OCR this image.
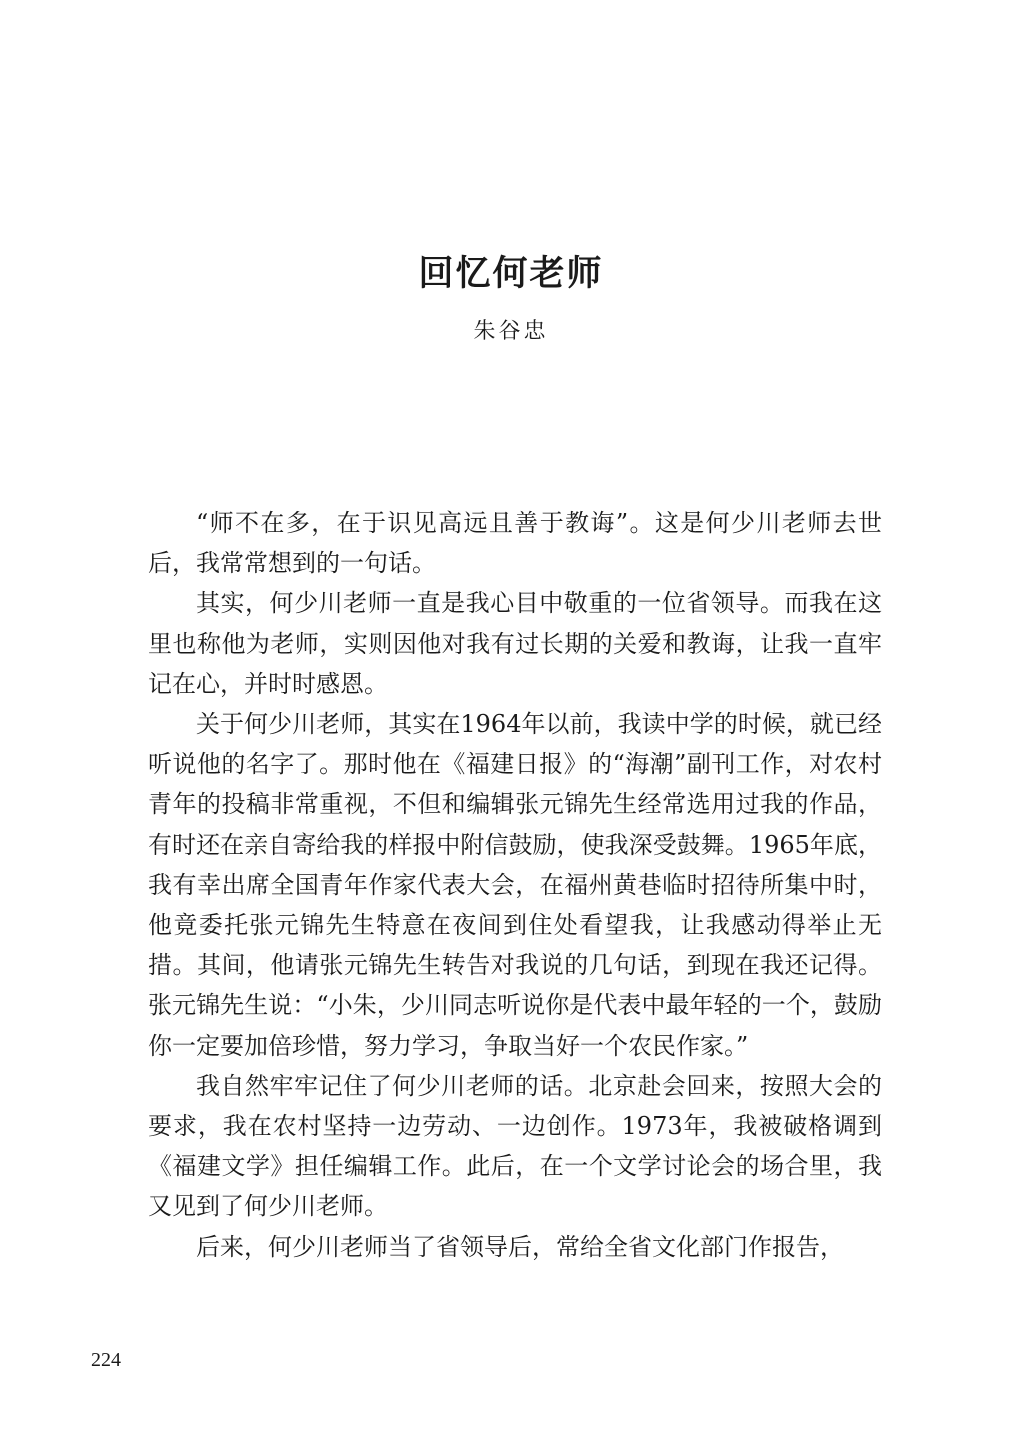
回忆何老师
朱谷忠

“师不在多，在于识见高远且善于教诲”。这是何少川老师去世后，我常常想到的一句话。

其实，何少川老师一直是我心目中敬重的一位省领导。而我在这里也称他为老师，实则因他对我有过长期的关爱和教诲，让我一直牢记在心，并时时感恩。

关于何少川老师，其实在1964年以前，我读中学的时候，就已经听说他的名字了。那时他在《福建日报》的“海潮”副刊工作，对农村青年的投稿非常重视，不但和编辑张元锦先生经常选用过我的作品，有时还在亲自寄给我的样报中附信鼓励，使我深受鼓舞。1965年底，我有幸出席全国青年作家代表大会，在福州黄巷临时招待所集中时，他竟委托张元锦先生特意在夜间到住处看望我，让我感动得举止无措。其间，他请张元锦先生转告对我说的几句话，到现在我还记得。张元锦先生说：“小朱，少川同志听说你是代表中最年轻的一个，鼓励你一定要加倍珍惜，努力学习，争取当好一个农民作家。”

我自然牢牢记住了何少川老师的话。北京赴会回来，按照大会的要求，我在农村坚持一边劳动、一边创作。1973年，我被破格调到《福建文学》担任编辑工作。此后，在一个文学讨论会的场合里，我又见到了何少川老师。

后来，何少川老师当了省领导后，常给全省文化部门作报告，

224
